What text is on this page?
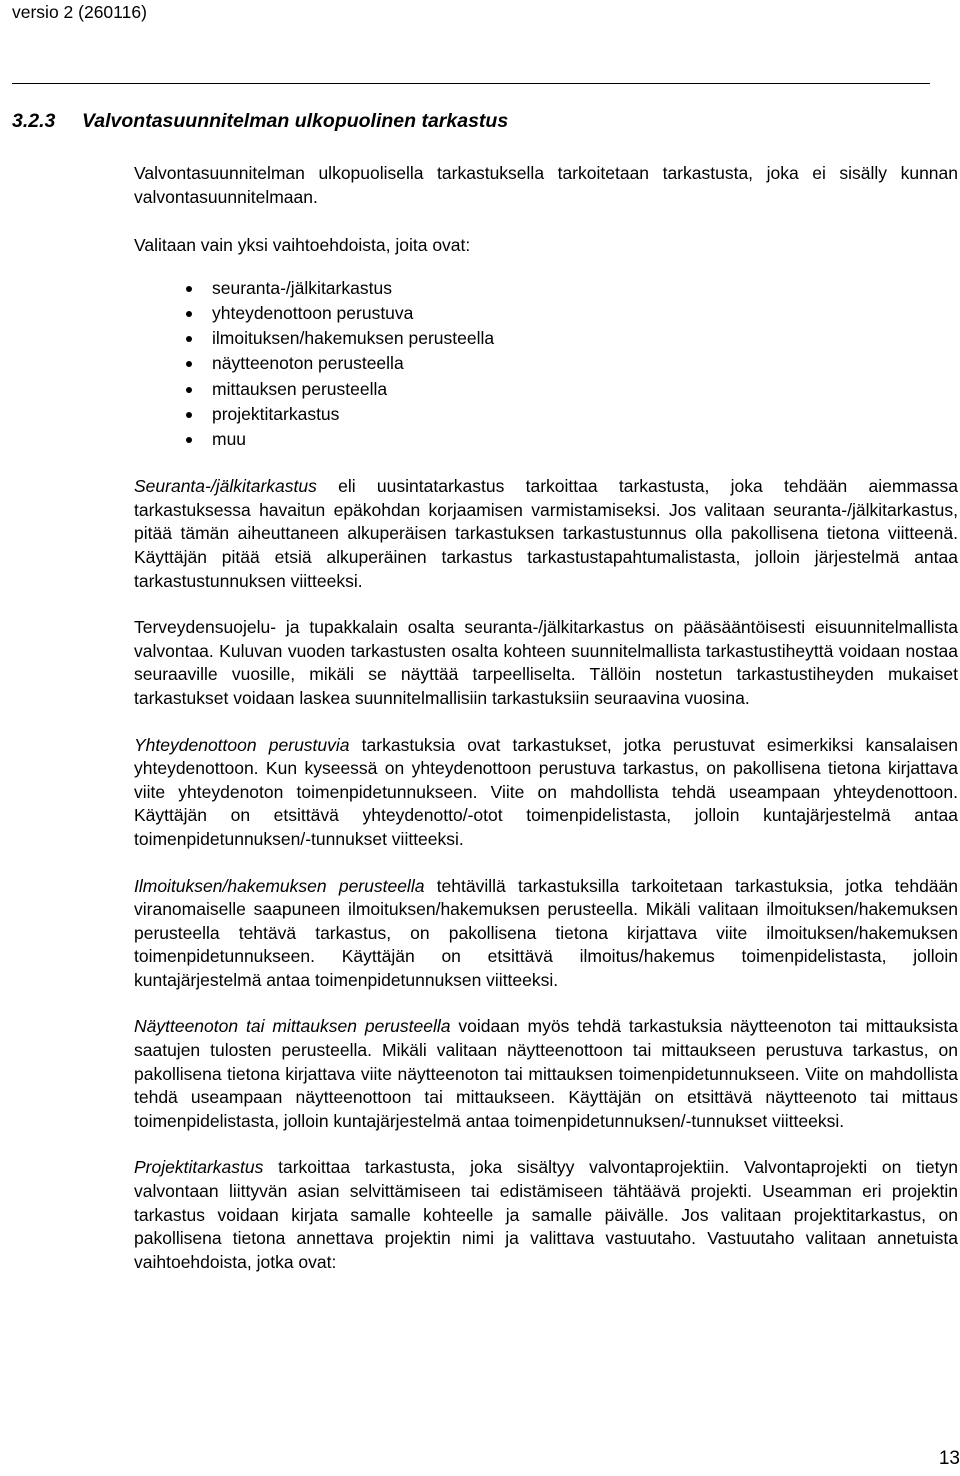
versio 2 (260116)
3.2.3 Valvontasuunnitelman ulkopuolinen tarkastus

Valvontasuunnitelman ulkopuolisella tarkastuksella tarkoitetaan tarkastusta, joka ei sisälly kunnan valvontasuunnitelmaan.

Valitaan vain yksi vaihtoehdoista, joita ovat:

seuranta-/jälkitarkastus
yhteydenottoon perustuva
ilmoituksen/hakemuksen perusteella
näytteenoton perusteella
mittauksen perusteella
projektitarkastus
muu

Seuranta-/jälkitarkastus eli uusintatarkastus tarkoittaa tarkastusta, joka tehdään aiemmassa tarkastuksessa havaitun epäkohdan korjaamisen varmistamiseksi. Jos valitaan seuranta-/jälkitarkastus, pitää tämän aiheuttaneen alkuperäisen tarkastuksen tarkastustunnus olla pakollisena tietona viitteenä. Käyttäjän pitää etsiä alkuperäinen tarkastus tarkastustapahtumalistasta, jolloin järjestelmä antaa tarkastustunnuksen viitteeksi.

Terveydensuojelu- ja tupakkalain osalta seuranta-/jälkitarkastus on pääsääntöisesti eisuunnitelmallista valvontaa. Kuluvan vuoden tarkastusten osalta kohteen suunnitelmallista tarkastustiheyttä voidaan nostaa seuraaville vuosille, mikäli se näyttää tarpeelliselta. Tällöin nostetun tarkastustiheyden mukaiset tarkastukset voidaan laskea suunnitelmallisiin tarkastuksiin seuraavina vuosina.

Yhteydenottoon perustuvia tarkastuksia ovat tarkastukset, jotka perustuvat esimerkiksi kansalaisen yhteydenottoon. Kun kyseessä on yhteydenottoon perustuva tarkastus, on pakollisena tietona kirjattava viite yhteydenoton toimenpidetunnukseen. Viite on mahdollista tehdä useampaan yhteydenottoon. Käyttäjän on etsittävä yhteydenotto/-otot toimenpidelistasta, jolloin kuntajärjestelmä antaa toimenpidetunnuksen/-tunnukset viitteeksi.

Ilmoituksen/hakemuksen perusteella tehtävillä tarkastuksilla tarkoitetaan tarkastuksia, jotka tehdään viranomaiselle saapuneen ilmoituksen/hakemuksen perusteella. Mikäli valitaan ilmoituksen/hakemuksen perusteella tehtävä tarkastus, on pakollisena tietona kirjattava viite ilmoituksen/hakemuksen toimenpidetunnukseen. Käyttäjän on etsittävä ilmoitus/hakemus toimenpidelistasta, jolloin kuntajärjestelmä antaa toimenpidetunnuksen viitteeksi.

Näytteenoton tai mittauksen perusteella voidaan myös tehdä tarkastuksia näytteenoton tai mittauksista saatujen tulosten perusteella. Mikäli valitaan näytteenottoon tai mittaukseen perustuva tarkastus, on pakollisena tietona kirjattava viite näytteenoton tai mittauksen toimenpidetunnukseen. Viite on mahdollista tehdä useampaan näytteenottoon tai mittaukseen. Käyttäjän on etsittävä näytteenoto tai mittaus toimenpidelistasta, jolloin kuntajärjestelmä antaa toimenpidetunnuksen/-tunnukset viitteeksi.

Projektitarkastus tarkoittaa tarkastusta, joka sisältyy valvontaprojektiin. Valvontaprojekti on tietyn valvontaan liittyvän asian selvittämiseen tai edistämiseen tähtäävä projekti. Useamman eri projektin tarkastus voidaan kirjata samalle kohteelle ja samalle päivälle. Jos valitaan projektitarkastus, on pakollisena tietona annettava projektin nimi ja valittava vastuutaho. Vastuutaho valitaan annetuista vaihtoehdoista, jotka ovat:

13
